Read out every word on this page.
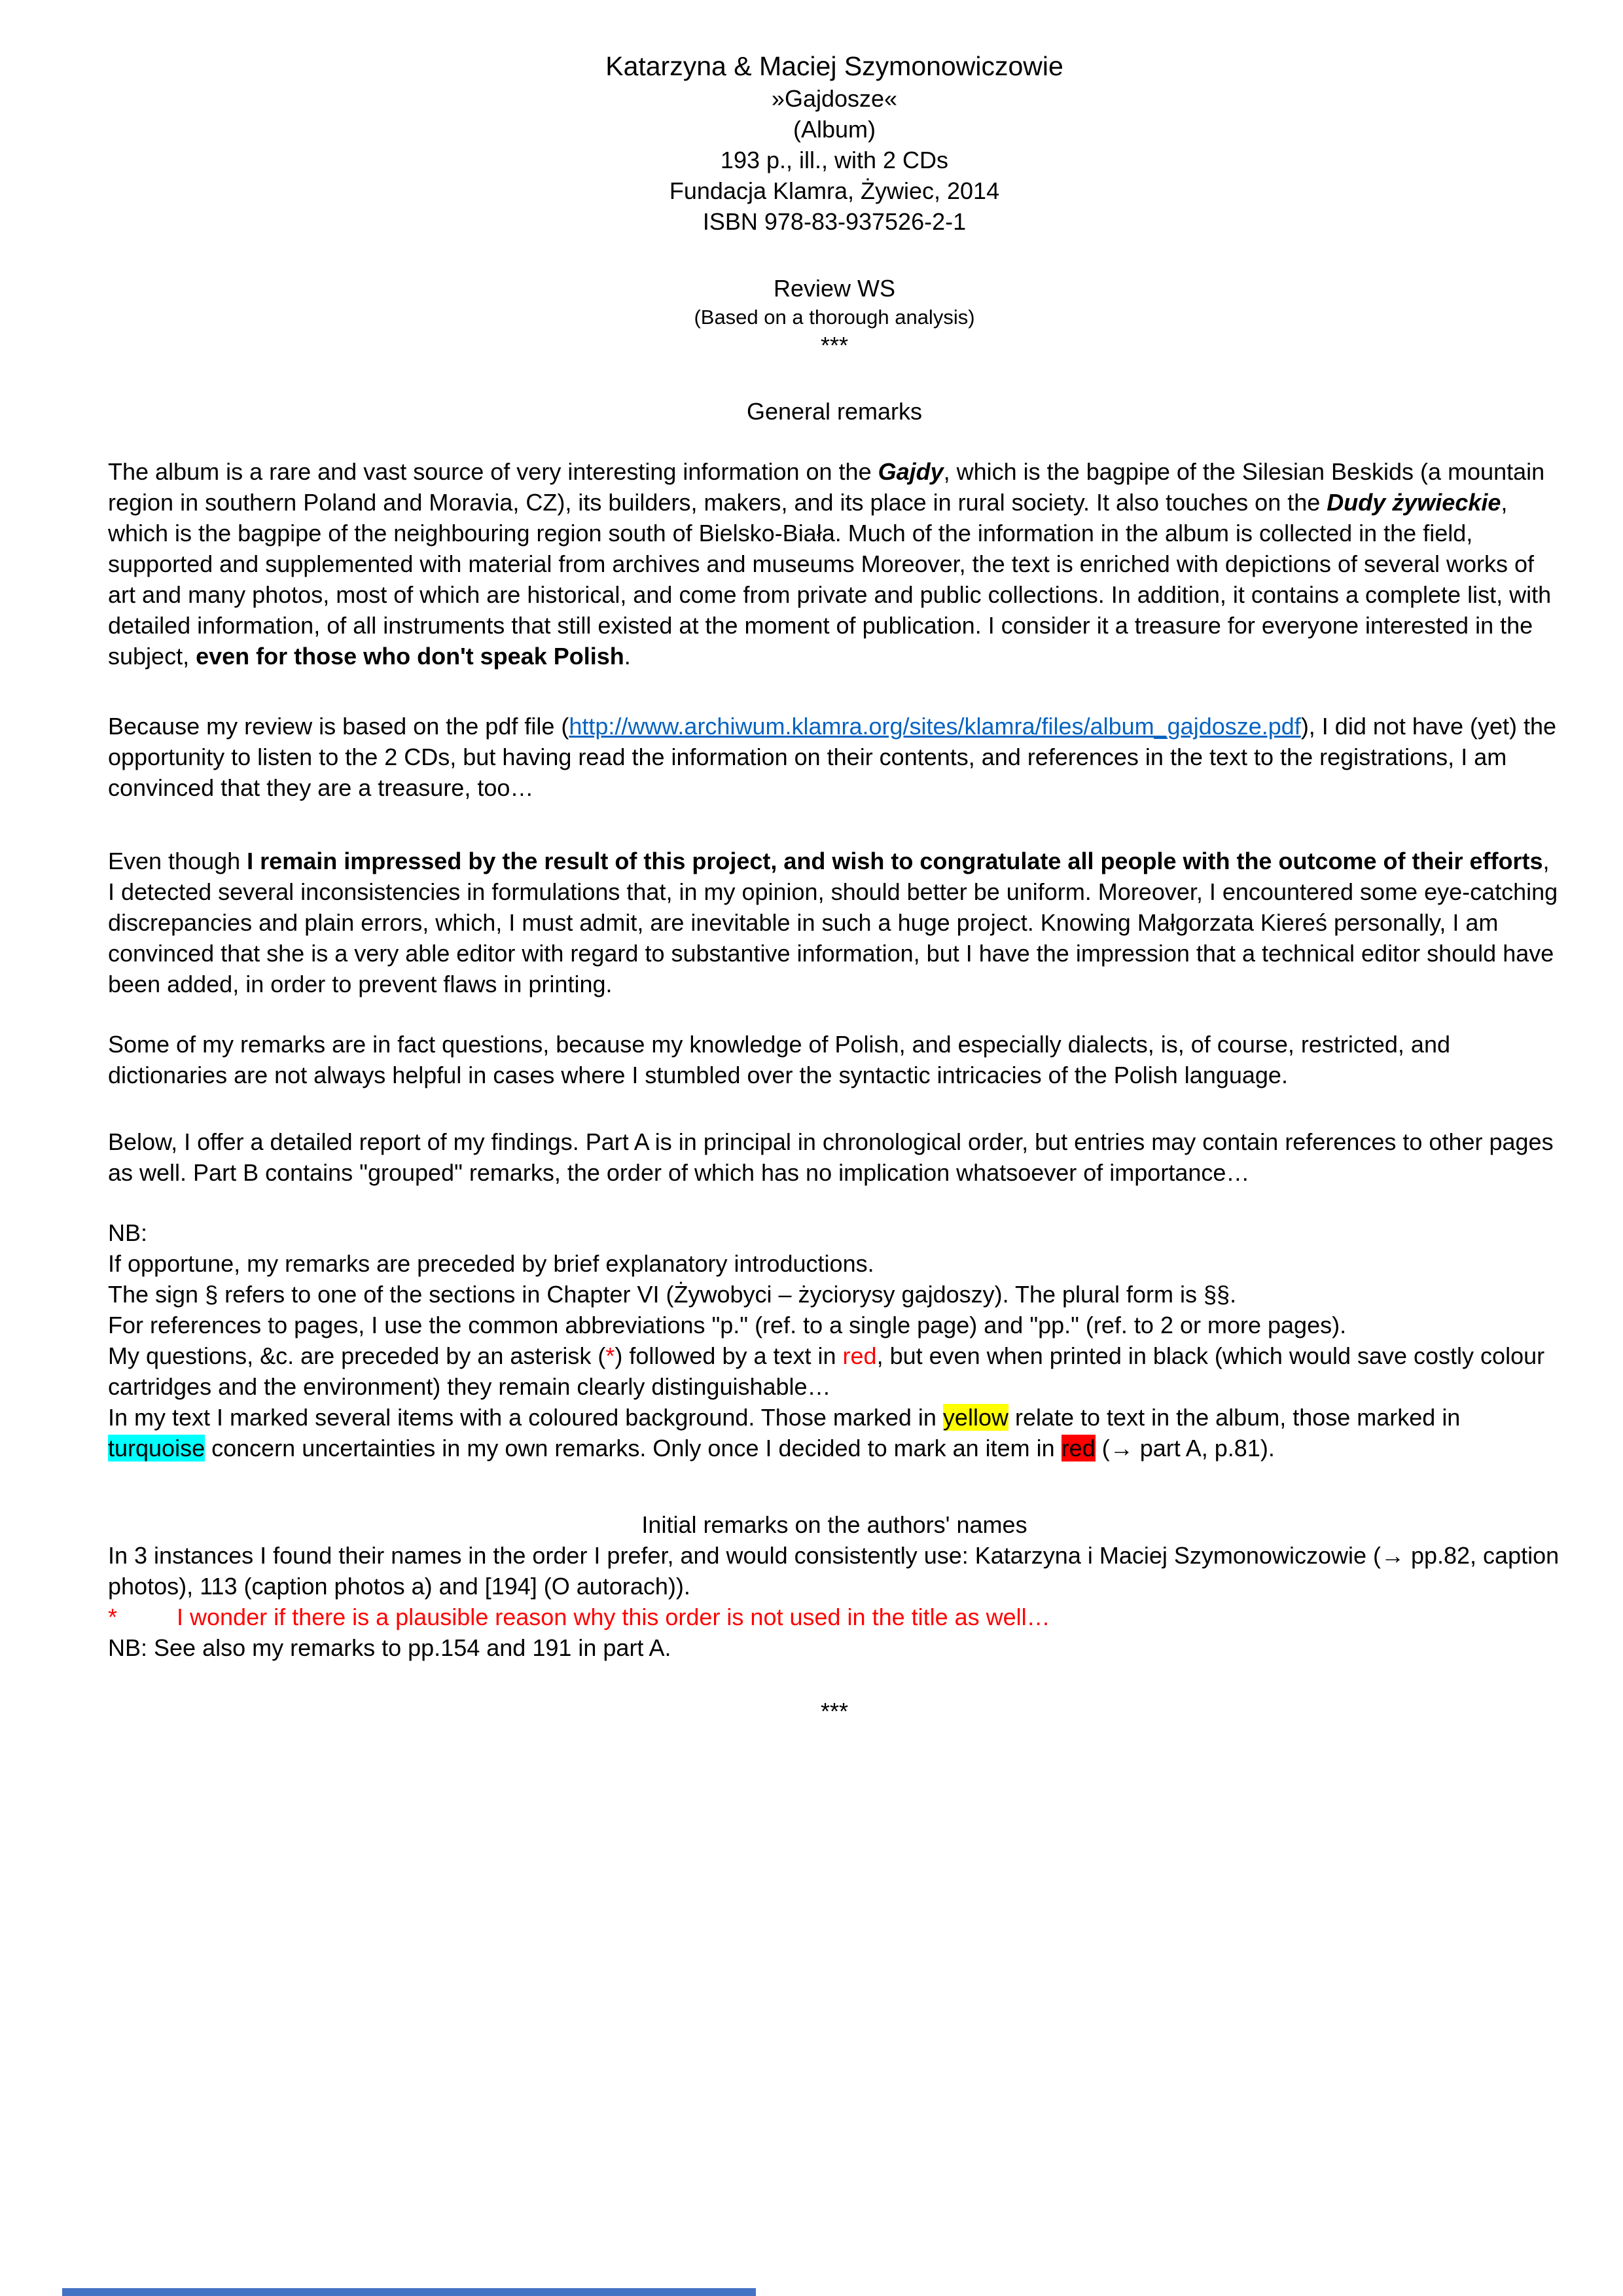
Katarzyna & Maciej Szymonowiczowie
»Gajdosze«
(Album)
193 p., ill., with 2 CDs
Fundacja Klamra, Żywiec, 2014
ISBN 978-83-937526-2-1
Review WS
(Based on a thorough analysis)
***
General remarks
The album is a rare and vast source of very interesting information on the Gajdy, which is the bagpipe of the Silesian Beskids (a mountain region in southern Poland and Moravia, CZ), its builders, makers, and its place in rural society. It also touches on the Dudy żywieckie, which is the bagpipe of the neighbouring region south of Bielsko-Biała. Much of the information in the album is collected in the field, supported and supplemented with material from archives and museums Moreover, the text is enriched with depictions of several works of art and many photos, most of which are historical, and come from private and public collections. In addition, it contains a complete list, with detailed information, of all instruments that still existed at the moment of publication. I consider it a treasure for everyone interested in the subject, even for those who don't speak Polish.
Because my review is based on the pdf file (http://www.archiwum.klamra.org/sites/klamra/files/album_gajdosze.pdf), I did not have (yet) the opportunity to listen to the 2 CDs, but having read the information on their contents, and references in the text to the registrations, I am convinced that they are a treasure, too…
Even though I remain impressed by the result of this project, and wish to congratulate all people with the outcome of their efforts, I detected several inconsistencies in formulations that, in my opinion, should better be uniform. Moreover, I encountered some eye-catching discrepancies and plain errors, which, I must admit, are inevitable in such a huge project. Knowing Małgorzata Kiereś personally, I am convinced that she is a very able editor with regard to substantive information, but I have the impression that a technical editor should have been added, in order to prevent flaws in printing.
Some of my remarks are in fact questions, because my knowledge of Polish, and especially dialects, is, of course, restricted, and dictionaries are not always helpful in cases where I stumbled over the syntactic intricacies of the Polish language.
Below, I offer a detailed report of my findings. Part A is in principal in chronological order, but entries may contain references to other pages as well. Part B contains "grouped" remarks, the order of which has no implication whatsoever of importance…
NB:
If opportune, my remarks are preceded by brief explanatory introductions.
The sign § refers to one of the sections in Chapter VI (Żywobyci – życiorysy gajdoszy). The plural form is §§.
For references to pages, I use the common abbreviations "p." (ref. to a single page) and "pp." (ref. to 2 or more pages).
My questions, &c. are preceded by an asterisk (*) followed by a text in red, but even when printed in black (which would save costly colour cartridges and the environment) they remain clearly distinguishable…
In my text I marked several items with a coloured background. Those marked in yellow relate to text in the album, those marked in turquoise concern uncertainties in my own remarks. Only once I decided to mark an item in red (→ part A, p.81).
Initial remarks on the authors' names
In 3 instances I found their names in the order I prefer, and would consistently use: Katarzyna i Maciej Szymonowiczowie (→ pp.82, caption photos), 113 (caption photos a) and [194] (O autorach)).
*	I wonder if there is a plausible reason why this order is not used in the title as well…
NB: See also my remarks to pp.154 and 191 in part A.
***
